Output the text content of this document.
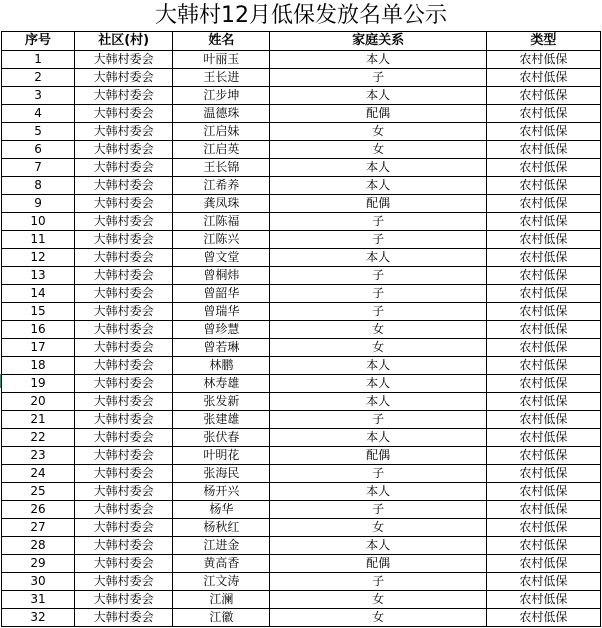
大韩村12月低保发放名单公示
序号	社区(村)	姓名	家庭关系	类型
1	大韩村委会	叶丽玉	本人	农村低保
2	大韩村委会	王长进	子	农村低保
3	大韩村委会	江步坤	本人	农村低保
4	大韩村委会	温德珠	配偶	农村低保
5	大韩村委会	江启妹	女	农村低保
6	大韩村委会	江启英	女	农村低保
7	大韩村委会	王长锦	本人	农村低保
8	大韩村委会	江希养	本人	农村低保
9	大韩村委会	龚凤珠	配偶	农村低保
10	大韩村委会	江陈福	子	农村低保
11	大韩村委会	江陈兴	子	农村低保
12	大韩村委会	曾文堂	本人	农村低保
13	大韩村委会	曾桐炜	子	农村低保
14	大韩村委会	曾韶华	子	农村低保
15	大韩村委会	曾瑞华	子	农村低保
16	大韩村委会	曾珍慧	女	农村低保
17	大韩村委会	曾若琳	女	农村低保
18	大韩村委会	林鹏	本人	农村低保
19	大韩村委会	林寿雄	本人	农村低保
20	大韩村委会	张发新	本人	农村低保
21	大韩村委会	张建雄	子	农村低保
22	大韩村委会	张伏春	本人	农村低保
23	大韩村委会	叶明花	配偶	农村低保
24	大韩村委会	张海民	子	农村低保
25	大韩村委会	杨开兴	本人	农村低保
26	大韩村委会	杨华	子	农村低保
27	大韩村委会	杨秋红	女	农村低保
28	大韩村委会	江进金	本人	农村低保
29	大韩村委会	黄高香	配偶	农村低保
30	大韩村委会	江文涛	子	农村低保
31	大韩村委会	江澜	女	农村低保
32	大韩村委会	江徽	女	农村低保
